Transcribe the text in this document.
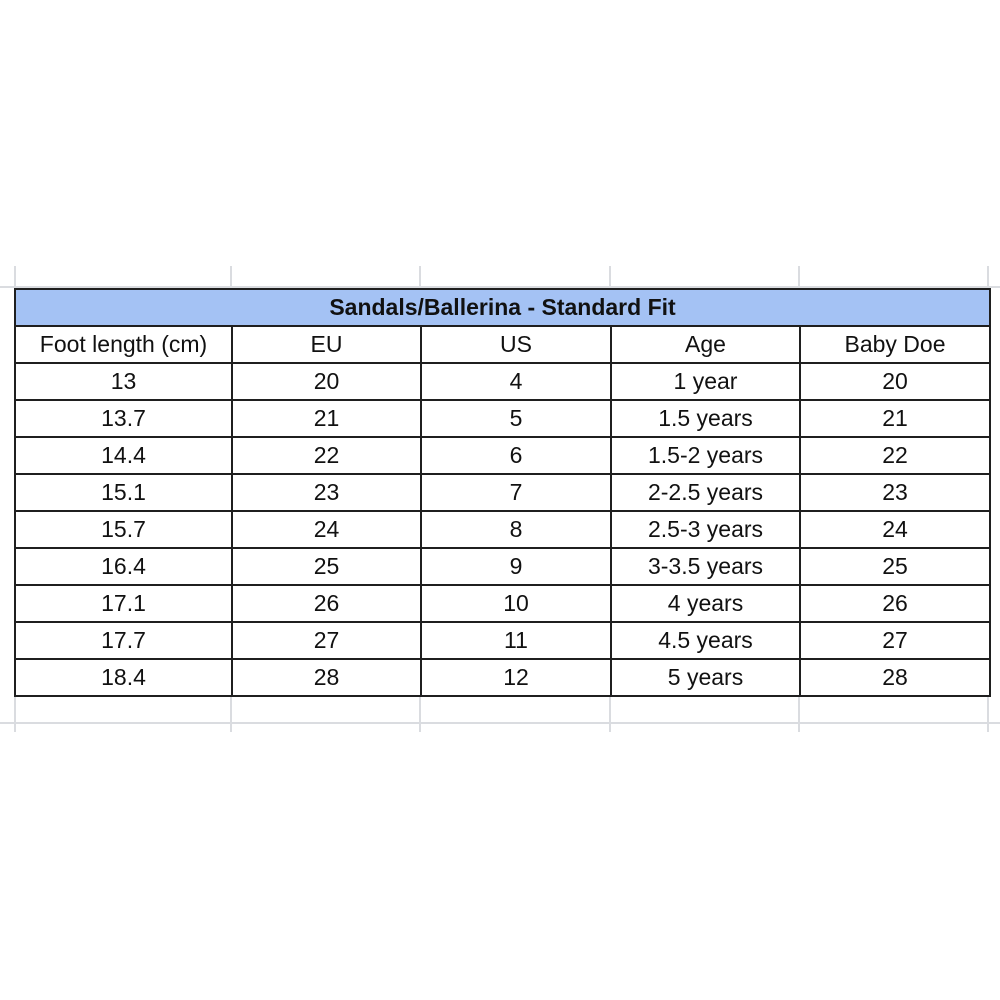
Sandals/Ballerina - Standard Fit				
Foot length (cm)	EU	US	Age	Baby Doe
13	20	4	1 year	20
13.7	21	5	1.5 years	21
14.4	22	6	1.5-2 years	22
15.1	23	7	2-2.5 years	23
15.7	24	8	2.5-3 years	24
16.4	25	9	3-3.5 years	25
17.1	26	10	4 years	26
17.7	27	11	4.5 years	27
18.4	28	12	5 years	28
